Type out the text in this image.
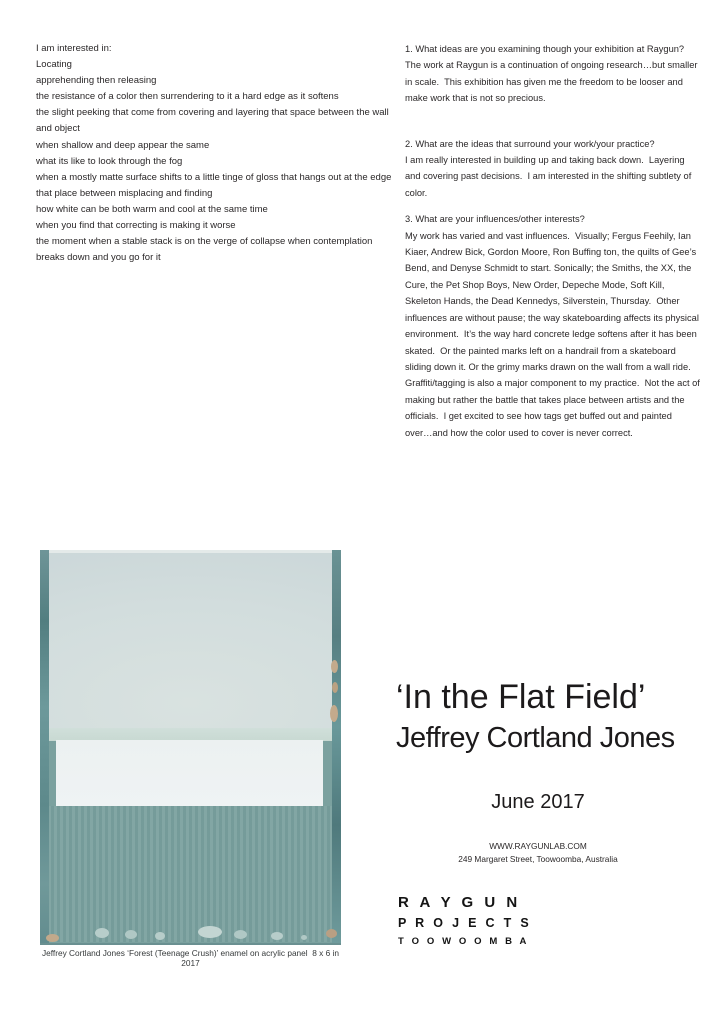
I am interested in:
Locating
apprehending then releasing
the resistance of a color then surrendering to it a hard edge as it softens
the slight peeking that come from covering and layering that space between the wall and object
when shallow and deep appear the same
what its like to look through the fog
when a mostly matte surface shifts to a little tinge of gloss that hangs out at the edge that place between misplacing and finding
how white can be both warm and cool at the same time
when you find that correcting is making it worse
the moment when a stable stack is on the verge of collapse when contemplation breaks down and you go for it
1. What ideas are you examining though your exhibition at Raygun?
The work at Raygun is a continuation of ongoing research…but smaller in scale.  This exhibition has given me the freedom to be looser and make work that is not so precious.
2. What are the ideas that surround your work/your practice?
I am really interested in building up and taking back down.  Layering and covering past decisions.  I am interested in the shifting subtlety of color.
3. What are your influences/other interests?
My work has varied and vast influences.  Visually; Fergus Feehily, Ian Kiaer, Andrew Bick, Gordon Moore, Ron Buffing ton, the quilts of Gee’s Bend, and Denyse Schmidt to start. Sonically; the Smiths, the XX, the Cure, the Pet Shop Boys, New Order, Depeche Mode, Soft Kill, Skeleton Hands, the Dead Kennedys, Silverstein, Thursday.  Other influences are without pause; the way skateboarding affects its physical environment.  It’s the way hard concrete ledge softens after it has been skated.  Or the painted marks left on a handrail from a skateboard sliding down it. Or the grimy marks drawn on the wall from a wall ride. Graffiti/tagging is also a major component to my practice.  Not the act of making but rather the battle that takes place between artists and the officials.  I get excited to see how tags get buffed out and painted over…and how the color used to cover is never correct.
Jeffrey Cortland Jones ‘Forest (Teenage Crush)’ enamel on acrylic panel  8 x 6 in 2017
‘In the Flat Field’
Jeffrey Cortland Jones
June 2017
WWW.RAYGUNLAB.COM
249 Margaret Street, Toowoomba, Australia
R A Y G U N
P R O J E C T S
T O O W O O M B A
